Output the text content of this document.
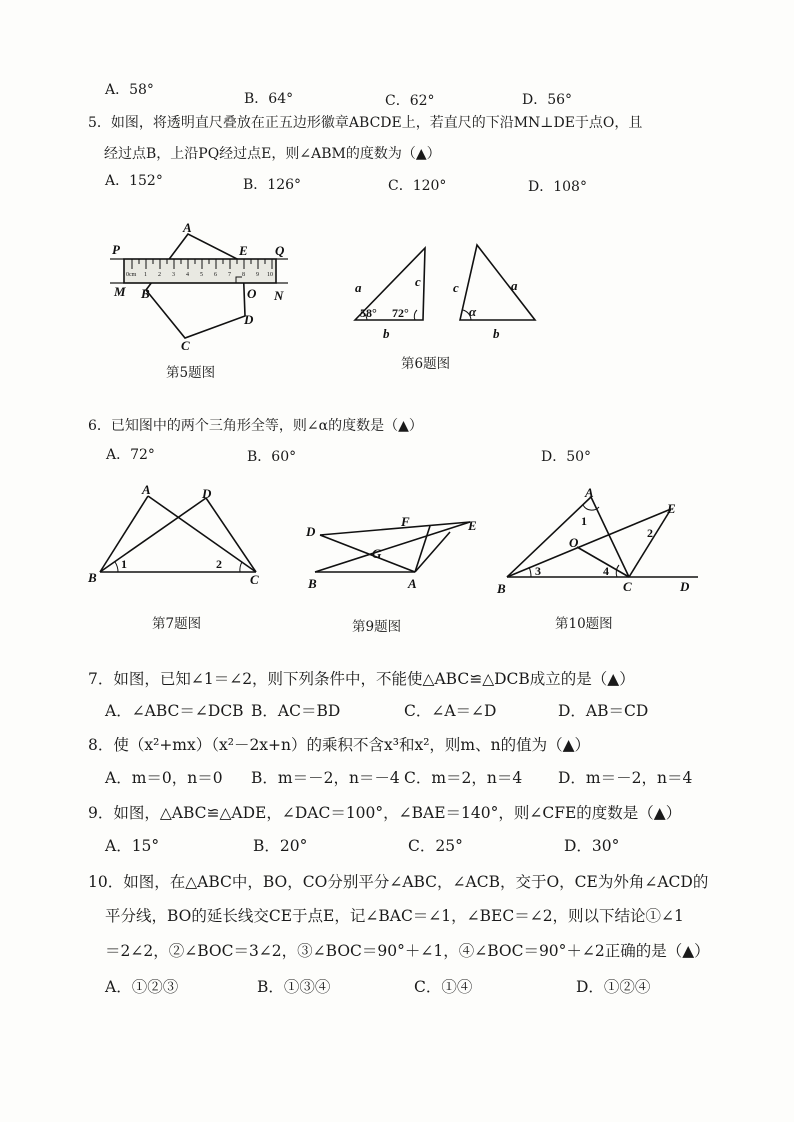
A．58°
B．64°	C．62°	D．56°
5．如图，将透明直尺叠放在正五边形徽章ABCDE上，若直尺的下沿MN⊥DE于点O，且
经过点B，上沿PQ经过点E，则∠ABM的度数为（▲）
A．152°	B．126°	C．120°	D．108°
0cm 1 2 3 4 5 6 7 8 9 10
P
A
E Q
M B	O N
D
C
第5题图
a	c
b
58° 72°
c	a
b
α
第6题图
6．已知图中的两个三角形全等，则∠α的度数是（▲）
A．72°	B．60°	D．50°
A	D
B	C
1	2
第7题图
D
F	E
G
B	A
第9题图
A
E
O
B	C	D
1
2
3	4
第10题图
7．如图，已知∠1＝∠2，则下列条件中，不能使△ABC≌△DCB成立的是（▲）
A．∠ABC＝∠DCB B．AC＝BD	C．∠A＝∠D	D．AB＝CD
8．使（x²+mx）（x²－2x+n）的乘积不含x³和x²，则m、n的值为（▲）
A．m＝0，n＝0 B．m＝－2，n＝－4 C．m＝2，n＝4 D．m＝－2，n＝4
9．如图，△ABC≌△ADE，∠DAC＝100°，∠BAE＝140°，则∠CFE的度数是（▲）
A．15°	B．20°	C．25°	D．30°
10．如图，在△ABC中，BO，CO分别平分∠ABC，∠ACB，交于O，CE为外角∠ACD的
平分线，BO的延长线交CE于点E，记∠BAC＝∠1，∠BEC＝∠2，则以下结论①∠1
＝2∠2，②∠BOC＝3∠2，③∠BOC＝90°＋∠1，④∠BOC＝90°＋∠2正确的是（▲）
A．①②③	B．①③④	C．①④	D．①②④
